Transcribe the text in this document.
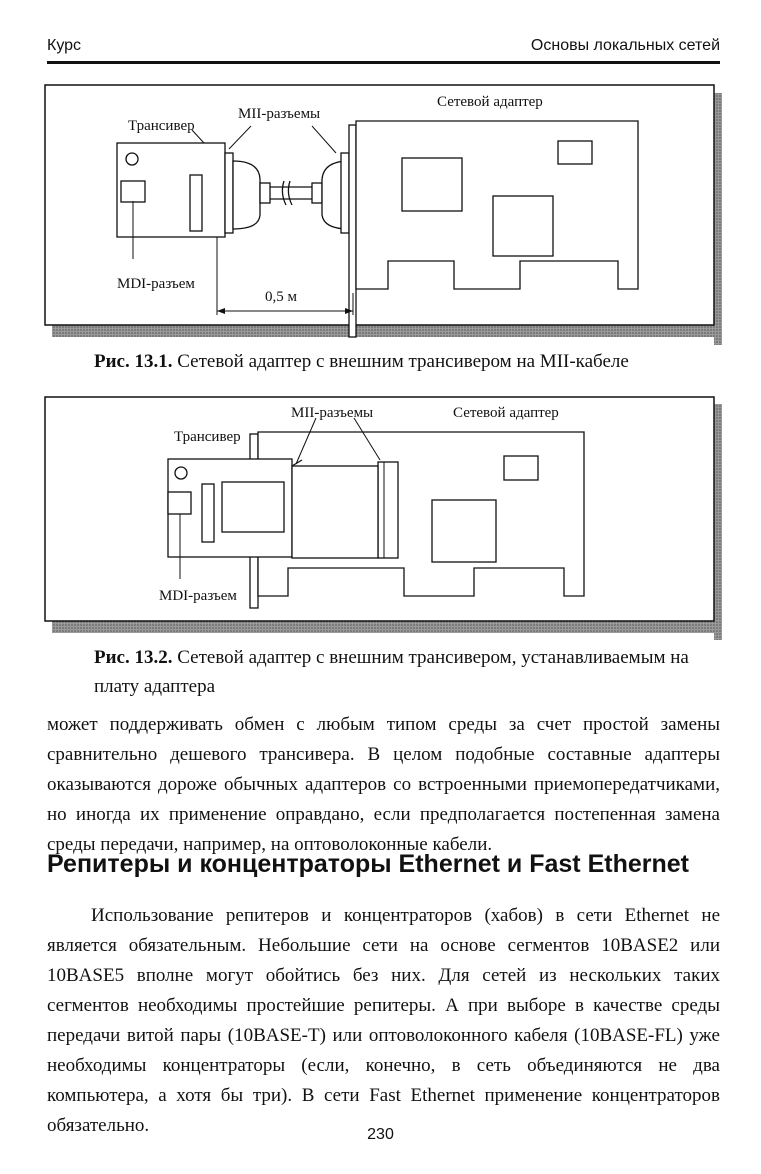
Курс	Основы локальных сетей
Трансивер
MII-разъемы
Сетевой адаптер
MDI-разъем
0,5 м
Рис. 13.1. Сетевой адаптер с внешним трансивером на MII-кабеле
Трансивер
MII-разъемы	Сетевой адаптер
MDI-разъем
Рис. 13.2. Сетевой адаптер с внешним трансивером, устанавливаемым на плату адаптера

может поддерживать обмен с любым типом среды за счет простой замены сравнительно дешевого трансивера. В целом подобные составные адаптеры оказываются дороже обычных адаптеров со встроенными приемопередатчиками, но иногда их применение оправдано, если предполагается постепенная замена среды передачи, например, на оптоволоконные кабели.

Репитеры и концентраторы Ethernet и Fast Ethernet

Использование репитеров и концентраторов (хабов) в сети Ethernet не является обязательным. Небольшие сети на основе сегментов 10BASE2 или 10BASE5 вполне могут обойтись без них. Для сетей из нескольких таких сегментов необходимы простейшие репитеры. А при выборе в качестве среды передачи витой пары (10BASE-T) или оптоволоконного кабеля (10BASE-FL) уже необходимы концентраторы (если, конечно, в сеть объединяются не два компьютера, а хотя бы три). В сети Fast Ethernet применение концентраторов обязательно.	230
